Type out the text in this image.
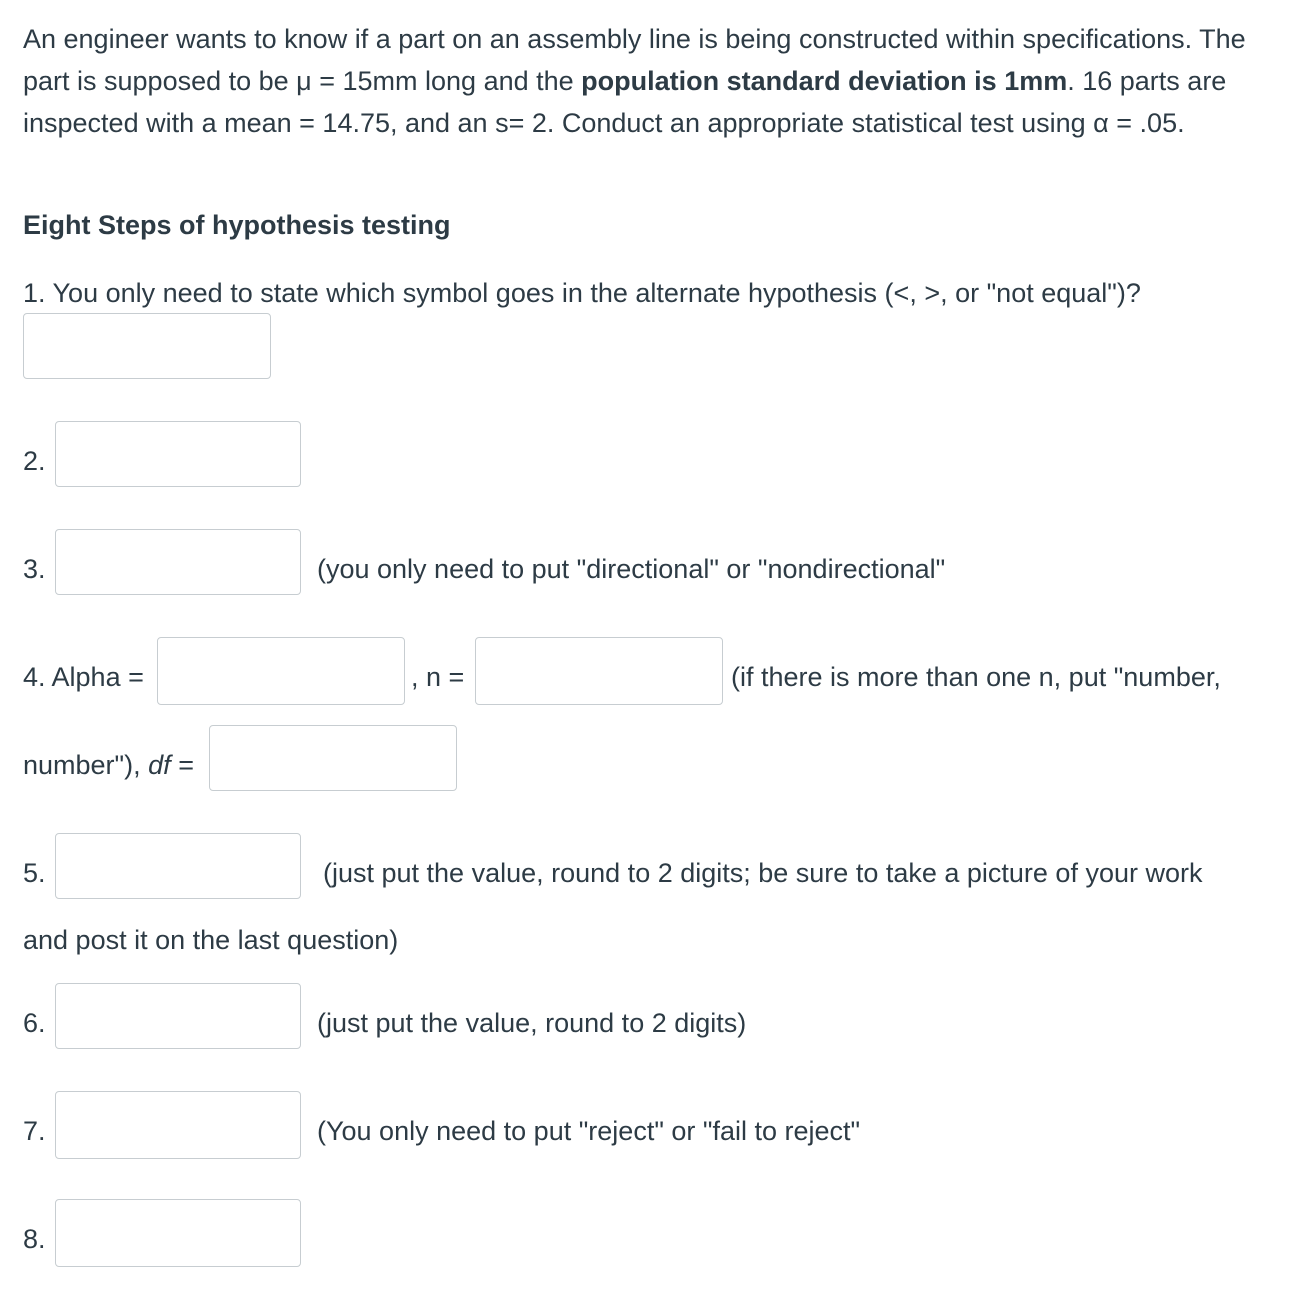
An engineer wants to know if a part on an assembly line is being constructed within specifications. The part is supposed to be μ = 15mm long and the population standard deviation is 1mm. 16 parts are inspected with a mean = 14.75, and an s= 2. Conduct an appropriate statistical test using α = .05.
Eight Steps of hypothesis testing
1. You only need to state which symbol goes in the alternate hypothesis (<, >, or "not equal")?
2.
3.	(you only need to put "directional" or "nondirectional"
4. Alpha =	, n =	(if there is more than one n, put "number,
number"), df =
5.	(just put the value, round to 2 digits; be sure to take a picture of your work
and post it on the last question)
6.	(just put the value, round to 2 digits)
7.	(You only need to put "reject" or "fail to reject"
8.
